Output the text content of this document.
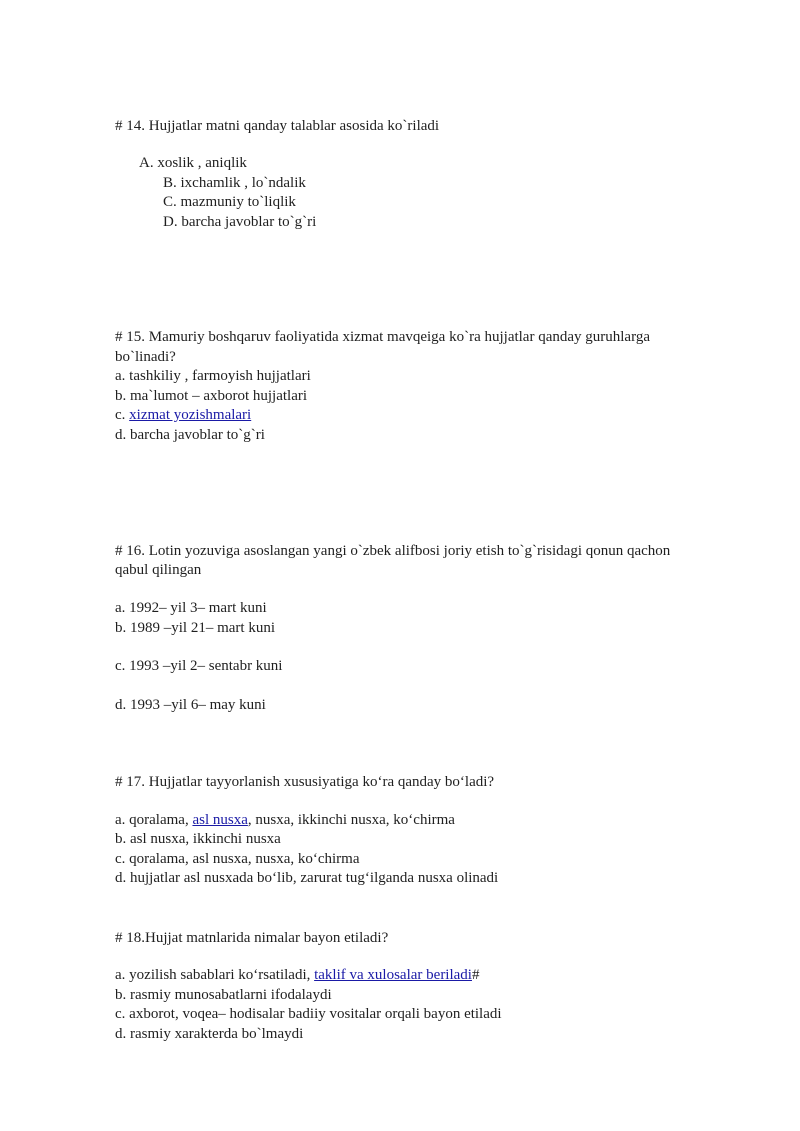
# 14. Hujjatlar matni qanday talablar asosida ko`riladi
A. xoslik , aniqlik
B. ixchamlik , lo`ndalik
C. mazmuniy to`liqlik
D. barcha javoblar to`g`ri
# 15. Mamuriy boshqaruv faoliyatida xizmat mavqeiga ko`ra hujjatlar qanday guruhlarga
bo`linadi?
a. tashkiliy , farmoyish hujjatlari
b. ma`lumot – axborot hujjatlari
c. xizmat yozishmalari
d. barcha javoblar to`g`ri
# 16. Lotin yozuviga asoslangan yangi o`zbek alifbosi joriy etish to`g`risidagi qonun qachon
qabul qilingan
a. 1992– yil 3– mart kuni
b. 1989 –yil 21– mart kuni
c. 1993 –yil 2– sentabr kuni
d. 1993 –yil 6– may kuni
# 17. Hujjatlar tayyorlanish xususiyatiga ko‘ra qanday bo‘ladi?
a. qoralama, asl nusxa, nusxa, ikkinchi nusxa, ko‘chirma
b. asl nusxa, ikkinchi nusxa
c. qoralama, asl nusxa, nusxa, ko‘chirma
d. hujjatlar asl nusxada bo‘lib, zarurat tug‘ilganda nusxa olinadi
# 18.Hujjat matnlarida nimalar bayon etiladi?
a. yozilish sabablari ko‘rsatiladi, taklif va xulosalar beriladi#
b. rasmiy munosabatlarni ifodalaydi
c. axborot, voqea– hodisalar badiiy vositalar orqali bayon etiladi
d. rasmiy xarakterda bo`lmaydi
